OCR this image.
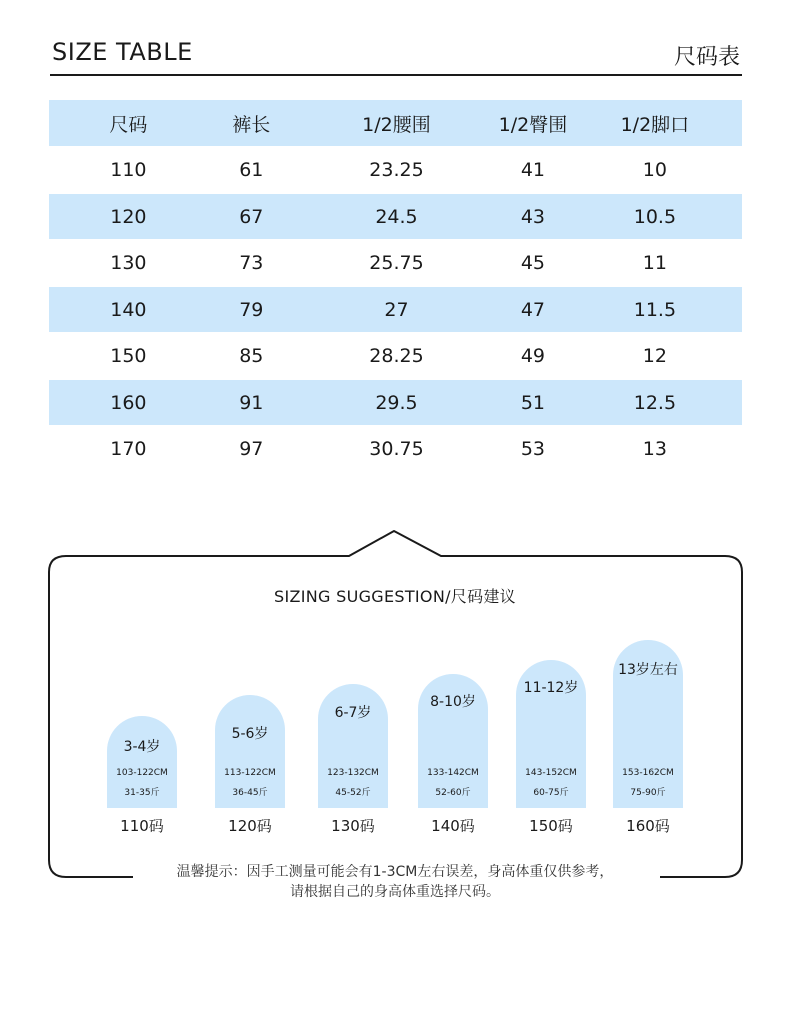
SIZE TABLE	尺码表
尺码	裤长	1/2腰围	1/2臀围	1/2脚口
110	61	23.25	41	10
120	67	24.5	43	10.5
130	73	25.75	45	11
140	79	27	47	11.5
150	85	28.25	49	12
160	91	29.5	51	12.5
170	97	30.75	53	13
SIZING SUGGESTION/尺码建议
3-4岁
103-122CM
31-35斤
110码
5-6岁
113-122CM
36-45斤
120码
6-7岁
123-132CM
45-52斤
130码
8-10岁
133-142CM
52-60斤
140码
11-12岁
143-152CM
60-75斤
150码
13岁左右
153-162CM
75-90斤
160码
温馨提示：因手工测量可能会有1-3CM左右误差，身高体重仅供参考，
请根据自己的身高体重选择尺码。
